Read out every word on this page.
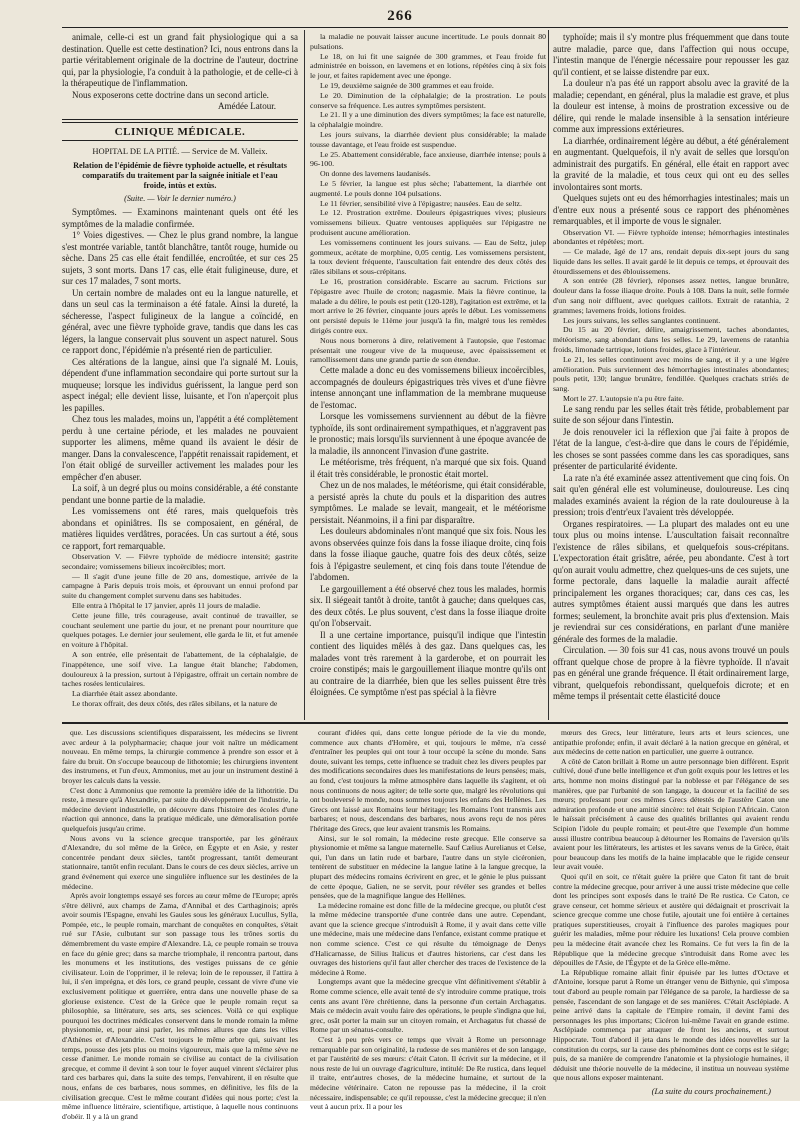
266

animale, celle-ci est un grand fait physiologique qui a sa destination. Quelle est cette destination? Ici, nous entrons dans la partie véritablement originale de la doctrine de l'auteur, doctrine qui, par la physiologie, l'a conduit à la pathologie, et de celle-ci à la thérapeutique de l'inflammation.

Nous exposerons cette doctrine dans un second article.

Amédée Latour.
CLINIQUE MÉDICALE.
HOPITAL DE LA PITIÉ. — Service de M. Valleix.
Relation de l'épidémie de fièvre typhoïde actuelle, et résultats comparatifs du traitement par la saignée initiale et l'eau froide, intùs et extùs.
(Suite. — Voir le dernier numéro.)

Symptômes. — Examinons maintenant quels ont été les symptômes de la maladie confirmée.

1° Voies digestives. — Chez le plus grand nombre, la langue s'est montrée variable, tantôt blanchâtre, tantôt rouge, humide ou sèche. Dans 25 cas elle était fendillée, encroûtée, et sur ces 25 sujets, 3 sont morts. Dans 17 cas, elle était fuligineuse, dure, et sur ces 17 malades, 7 sont morts.

Un certain nombre de malades ont eu la langue naturelle, et dans un seul cas la terminaison a été fatale. Ainsi la dureté, la sécheresse, l'aspect fuligineux de la langue a coïncidé, en général, avec une fièvre typhoïde grave, tandis que dans les cas légers, la langue conservait plus souvent un aspect naturel. Sous ce rapport donc, l'épidémie n'a présenté rien de particulier.

Ces altérations de la langue, ainsi que l'a signalé M. Louis, dépendent d'une inflammation secondaire qui porte surtout sur la muqueuse; lorsque les individus guérissent, la langue perd son aspect inégal; elle devient lisse, luisante, et l'on n'aperçoit plus les papilles.

Chez tous les malades, moins un, l'appétit a été complètement perdu à une certaine période, et les malades ne pouvaient supporter les alimens, même quand ils avaient le désir de manger. Dans la convalescence, l'appétit renaissait rapidement, et l'on était obligé de surveiller activement les malades pour les empêcher d'en abuser.

La soif, à un degré plus ou moins considérable, a été constante pendant une bonne partie de la maladie.

Les vomissemens ont été rares, mais quelquefois très abondans et opiniâtres. Ils se composaient, en général, de matières liquides verdâtres, poracées. Un cas surtout a été, sous ce rapport, fort remarquable.

Observation V. — Fièvre typhoïde de médiocre intensité; gastrite secondaire; vomissemens bilieux incoërcibles; mort.

— Il s'agit d'une jeune fille de 20 ans, domestique, arrivée de la campagne à Paris depuis trois mois, et éprouvant un ennui profond par suite du changement complet survenu dans ses habitudes.

Elle entra à l'hôpital le 17 janvier, après 11 jours de maladie.

Cette jeune fille, très courageuse, avait continué de travailler, se couchant seulement une partie du jour, et ne prenant pour nourriture que quelques potages. Le dernier jour seulement, elle garda le lit, et fut amenée en voiture à l'hôpital.

A son entrée, elle présentait de l'abattement, de la céphalalgie, de l'inappétence, une soif vive. La langue était blanche; l'abdomen, douloureux à la pression, surtout à l'épigastre, offrait un certain nombre de taches rosées lenticulaires.

La diarrhée était assez abondante.

Le thorax offrait, des deux côtés, des râles sibilans, et la nature de

la maladie ne pouvait laisser aucune incertitude. Le pouls donnait 80 pulsations.

Le 18, on lui fit une saignée de 300 grammes, et l'eau froide fut administrée en boisson, en lavemens et en lotions, répétées cinq à six fois le jour, et faites rapidement avec une éponge.

Le 19, deuxième saignée de 300 grammes et eau froide.

Le 20. Diminution de la céphalalgie; de la prostration. Le pouls conserve sa fréquence. Les autres symptômes persistent.

Le 21. Il y a une diminution des divers symptômes; la face est naturelle, la céphalalgie moindre.

Les jours suivans, la diarrhée devient plus considérable; la malade tousse davantage, et l'eau froide est suspendue.

Le 25. Abattement considérable, face anxieuse, diarrhée intense; pouls à 96-100.

On donne des lavemens laudanisés.

Le 5 février, la langue est plus sèche; l'abattement, la diarrhée ont augmenté. Le pouls donne 104 pulsations.

Le 11 février, sensibilité vive à l'épigastre; nausées. Eau de seltz.

Le 12. Prostration extrême. Douleurs épigastriques vives; plusieurs vomissemens bilieux. Quatre ventouses appliquées sur l'épigastre ne produisent aucune amélioration.

Les vomissemens continuent les jours suivans. — Eau de Seltz, julep gommeux, acétate de morphine, 0,05 centig. Les vomissemens persistent, la toux devient fréquente, l'auscultation fait entendre des deux côtés des râles sibilans et sous-crépitans.

Le 16, prostration considérable. Escarre au sacrum. Frictions sur l'épigastre avec l'huile de croton; nagasmie. Mais la fièvre continue, la malade a du délire, le pouls est petit (120-128), l'agitation est extrême, et la mort arrive le 26 février, cinquante jours après le début. Les vomissemens ont persisté depuis le 11ème jour jusqu'à la fin, malgré tous les remèdes dirigés contre eux.

Nous nous bornerons à dire, relativement à l'autopsie, que l'estomac présentait une rougeur vive de la muqueuse, avec épaississement et ramollissement dans une grande partie de son étendue.

Cette malade a donc eu des vomissemens bilieux incoërcibles, accompagnés de douleurs épigastriques très vives et d'une fièvre intense annonçant une inflammation de la membrane muqueuse de l'estomac.

Lorsque les vomissemens surviennent au début de la fièvre typhoïde, ils sont ordinairement sympathiques, et n'aggravent pas le pronostic; mais lorsqu'ils surviennent à une époque avancée de la maladie, ils annoncent l'invasion d'une gastrite.

Le météorisme, très fréquent, n'a marqué que six fois. Quand il était très considérable, le pronostic était mortel.

Chez un de nos malades, le météorisme, qui était considérable, a persisté après la chute du pouls et la disparition des autres symptômes. Le malade se levait, mangeait, et le météorisme persistait. Néanmoins, il a fini par disparaître.

Les douleurs abdominales n'ont manqué que six fois. Nous les avons observées quinze fois dans la fosse iliaque droite, cinq fois dans la fosse iliaque gauche, quatre fois des deux côtés, seize fois à l'épigastre seulement, et cinq fois dans toute l'étendue de l'abdomen.

Le gargouillement a été observé chez tous les malades, hormis six. Il siégeait tantôt à droite, tantôt à gauche; dans quelques cas, des deux côtés. Le plus souvent, c'est dans la fosse iliaque droite qu'on l'observait.

Il a une certaine importance, puisqu'il indique que l'intestin contient des liquides mêlés à des gaz. Dans quelques cas, les malades vont très rarement à la garderobe, et on pourrait les croire constipés; mais le gargouillement iliaque montre qu'ils ont au contraire de la diarrhée, bien que les selles puissent être très éloignées. Ce symptôme n'est pas spécial à la fièvre

typhoïde; mais il s'y montre plus fréquemment que dans toute autre maladie, parce que, dans l'affection qui nous occupe, l'intestin manque de l'énergie nécessaire pour repousser les gaz qu'il contient, et se laisse distendre par eux.

La douleur n'a pas été un rapport absolu avec la gravité de la maladie; cependant, en général, plus la maladie est grave, et plus la douleur est intense, à moins de prostration excessive ou de délire, qui rende le malade insensible à la sensation intérieure comme aux impressions extérieures.

La diarrhée, ordinairement légère au début, a été généralement en augmentant. Quelquefois, il n'y avait de selles que lorsqu'on administrait des purgatifs. En général, elle était en rapport avec la gravité de la maladie, et tous ceux qui ont eu des selles involontaires sont morts.

Quelques sujets ont eu des hémorrhagies intestinales; mais un d'entre eux nous a présenté sous ce rapport des phénomènes remarquables, et il importe de vous le signaler.

Observation VI. — Fièvre typhoïde intense; hémorrhagies intestinales abondantes et répétées; mort.

— Ce malade, âgé de 17 ans, rendait depuis dix-sept jours du sang liquide dans les selles. Il avait gardé le lit depuis ce temps, et éprouvait des étourdissemens et des éblouissemens.

A son entrée (28 février), réponses assez nettes, langue brunâtre, douleur dans la fosse iliaque droite. Pouls à 108. Dans la nuit, selle formée d'un sang noir diffluent, avec quelques caillots. Extrait de ratanhia, 2 grammes; lavemens froids, lotions froides.

Les jours suivans, les selles sanglantes continuent.

Du 15 au 20 février, délire, amaigrissement, taches abondantes, météorisme, sang abondant dans les selles. Le 29, lavemens de ratanhia froids, limonade tartrique, lotions froides, glace à l'intérieur.

Le 21, les selles continuent avec moins de sang, et il y a une légère amélioration. Puis surviennent des hémorrhagies intestinales abondantes; pouls petit, 130; langue brunâtre, fendillée. Quelques crachats striés de sang.

Mort le 27. L'autopsie n'a pu être faite.

Le sang rendu par les selles était très fétide, probablement par suite de son séjour dans l'intestin.

Je dois renouveler ici la réflexion que j'ai faite à propos de l'état de la langue, c'est-à-dire que dans le cours de l'épidémie, les choses se sont passées comme dans les cas sporadiques, sans présenter de particularité évidente.

La rate n'a été examinée assez attentivement que cinq fois. On sait qu'en général elle est volumineuse, douloureuse. Les cinq malades examinés avaient la région de la rate douloureuse à la pression; trois d'entr'eux l'avaient très développée.

Organes respiratoires. — La plupart des malades ont eu une toux plus ou moins intense. L'auscultation faisait reconnaître l'existence de râles sibilans, et quelquefois sous-crépitans. L'expectoration était grisâtre, aérée, peu abondante. C'est à tort qu'on aurait voulu admettre, chez quelques-uns de ces sujets, une forme pectorale, dans laquelle la maladie aurait affecté principalement les organes thoraciques; car, dans ces cas, les autres symptômes étaient aussi marqués que dans les autres formes; seulement, la bronchite avait pris plus d'extension. Mais je reviendrai sur ces considérations, en parlant d'une manière générale des formes de la maladie.

Circulation. — 30 fois sur 41 cas, nous avons trouvé un pouls offrant quelque chose de propre à la fièvre typhoïde. Il n'avait pas en général une grande fréquence. Il était ordinairement large, vibrant, quelquefois rebondissant, quelquefois dicrote; et en même temps il présentait cette élasticité douce

que. Les discussions scientifiques disparaissent, les médecins se livrent avec ardeur à la polypharmacie; chaque jour voit naître un médicament nouveau. En même temps, la chirurgie commence à prendre son essor et à faire du bruit. On s'occupe beaucoup de lithotomie; les chirurgiens inventent des instrumens, et l'un d'eux, Ammonius, met au jour un instrument destiné à broyer les calculs dans la vessie.

C'est donc à Ammonius que remonte la première idée de la lithotritie. Du reste, à mesure qu'à Alexandrie, par suite du développement de l'industrie, la médecine devient industrielle, on découvre dans l'histoire des écoles d'une réaction qui annonce, dans la pratique médicale, une démoralisation portée quelquefois jusqu'au crime.

Nous avons vu la science grecque transportée, par les généraux d'Alexandre, du sol même de la Grèce, en Égypte et en Asie, y rester concentrée pendant deux siècles, tantôt progressant, tantôt demeurant stationnaire, tantôt enfin reculant. Dans le cours de ces deux siècles, arrive un grand événement qui exerce une singulière influence sur les destinées de la médecine.

Après avoir longtemps essayé ses forces au cœur même de l'Europe; après s'être délivré, aux champs de Zama, d'Annibal et des Carthaginois; après avoir soumis l'Espagne, envahi les Gaules sous les généraux Lucullus, Sylla, Pompée, etc., le peuple romain, marchant de conquêtes en conquêtes, s'était rué sur l'Asie, culbutant sur son passage tous les trônes sortis du démembrement du vaste empire d'Alexandre. Là, ce peuple romain se trouva en face du génie grec; dans sa marche triomphale, il rencontra partout, dans les monumens et les institutions, des vestiges puissans de ce génie civilisateur. Loin de l'opprimer, il le releva; loin de le repousser, il l'attira à lui, il s'en imprégna, et dès lors, ce grand peuple, cessant de vivre d'une vie exclusivement politique et guerrière, entra dans une nouvelle phase de sa glorieuse existence. C'est de la Grèce que le peuple romain reçut sa philosophie, sa littérature, ses arts, ses sciences. Voilà ce qui explique pourquoi les doctrines médicales conservent dans le monde romain la même physionomie, et, pour ainsi parler, les mêmes allures que dans les villes d'Athènes et d'Alexandrie. C'est toujours le même arbre qui, suivant les temps, pousse des jets plus ou moins vigoureux, mais que la même sève ne cesse d'animer. Le monde romain se civilise au contact de la civilisation grecque, et comme il devint à son tour le foyer auquel vinrent s'éclairer plus tard ces barbares qui, dans la suite des temps, l'envahirent, il en résulte que nous, enfans de ces barbares, nous sommes, en définitive, les fils de la civilisation grecque. C'est le même courant d'idées qui nous porte; c'est la même influence littéraire, scientifique, artistique, à laquelle nous continuons d'obéir. Il y a là un grand

courant d'idées qui, dans cette longue période de la vie du monde, commence aux chants d'Homère, et qui, toujours le même, n'a cessé d'entraîner les peuples qui ont tour à tour occupé la scène du monde. Sans doute, suivant les temps, cette influence se traduit chez les divers peuples par des modifications secondaires dues les manifestations de leurs pensées; mais, au fond, c'est toujours la même atmosphère dans laquelle ils s'agitent, et où nous continuons de nous agiter; de telle sorte que, malgré les révolutions qui ont bouleversé le monde, nous sommes toujours les enfans des Hellènes. Les Grecs ont laissé aux Romains leur héritage; les Romains l'ont transmis aux barbares; et nous, descendans des barbares, nous avons reçu de nos pères l'héritage des Grecs, que leur avaient transmis les Romains.

Ainsi, sur le sol romain, la médecine reste grecque. Elle conserve sa physionomie et même sa langue maternelle. Sauf Cælius Aurelianus et Celse, qui, l'un dans un latin rude et barbare, l'autre dans un style cicéronien, tentèrent de substituer en médecine la langue latine à la langue grecque, la plupart des médecins romains écrivirent en grec, et le génie le plus puissant de cette époque, Galien, ne se servit, pour révéler ses grandes et belles pensées, que de la magnifique langue des Hellènes.

La médecine romaine est donc fille de la médecine grecque, ou plutôt c'est la même médecine transportée d'une contrée dans une autre. Cependant, avant que la science grecque s'introduisît à Rome, il y avait dans cette ville une médecine, mais une médecine dans l'enfance, existant comme pratique et non comme science. C'est ce qui résulte du témoignage de Denys d'Halicarnasse, de Silius Italicus et d'autres historiens, car c'est dans les ouvrages des historiens qu'il faut aller chercher des traces de l'existence de la médecine à Rome.

Longtemps avant que la médecine grecque vînt définitivement s'établir à Rome comme science, elle avait tenté de s'y introduire comme pratique, trois cents ans avant l'ère chrétienne, dans la personne d'un certain Archagatus. Mais ce médecin avait voulu faire des opérations, le peuple s'indigna que lui, grec, osât porter la main sur un citoyen romain, et Archagatus fut chassé de Rome par un sénatus-consulte.

C'est à peu près vers ce temps que vivait à Rome un personnage remarquable par son originalité, la rudesse de ses manières et de son langage, et par l'austérité de ses mœurs: c'était Caton. Il écrivit sur la médecine, et il nous reste de lui un ouvrage d'agriculture, intitulé: De Re rustica, dans lequel il traite, entr'autres choses, de la médecine humaine, et surtout de la médecine vétérinaire. Caton ne repousse pas la médecine, il la croit nécessaire, indispensable; ce qu'il repousse, c'est la médecine grecque; il n'en veut à aucun prix. Il a pour les

mœurs des Grecs, leur littérature, leurs arts et leurs sciences, une antipathie profonde; enfin, il avait déclaré à la nation grecque en général, et aux médecins de cette nation en particulier, une guerre à outrance.

A côté de Caton brillait à Rome un autre personnage bien différent. Esprit cultivé, doué d'une belle intelligence et d'un goût exquis pour les lettres et les arts, homme non moins distingué par la noblesse et par l'élégance de ses manières, que par l'urbanité de son langage, la douceur et la facilité de ses mœurs; professant pour ces mêmes Grecs détestés de l'austère Caton une admiration profonde et une amitié sincère: tel était Scipion l'Africain. Caton le haïssait précisément à cause des qualités brillantes qui avaient rendu Scipion l'idole du peuple romain; et peut-être que l'exemple d'un homme aussi illustre contribua beaucoup à détourner les Romains de l'aversion qu'ils avaient pour les littérateurs, les artistes et les savans venus de la Grèce, était pour beaucoup dans les motifs de la haine implacable que le rigide censeur leur avait vouée.

Quoi qu'il en soit, ce n'était guère la prière que Caton fit tant de bruit contre la médecine grecque, pour arriver à une aussi triste médecine que celle dont les principes sont exposés dans le traité De Re rustica. Ce Caton, ce grave censeur, cet homme sérieux et austère qui dédaignait et proscrivait la science grecque comme une chose futile, ajoutait une foi entière à certaines pratiques superstitieuses, croyait à l'influence des paroles magiques pour guérir les maladies, même pour réduire les luxations! Cela prouve combien peu la médecine était avancée chez les Romains. Ce fut vers la fin de la République que la médecine grecque s'introduisit dans Rome avec les dépouilles de l'Asie, de l'Égypte et de la Grèce elle-même.

La République romaine allait finir épuisée par les luttes d'Octave et d'Antoine, lorsque parut à Rome un étranger venu de Bithynie, qui s'imposa tout d'abord au peuple romain par l'élégance de sa parole, la hardiesse de sa pensée, l'ascendant de son langage et de ses manières. C'était Asclépiade. A peine arrivé dans la capitale de l'Empire romain, il devint l'ami des personnages les plus importans; Cicéron lui-même l'avait en grande estime. Asclépiade commença par attaquer de front les anciens, et surtout Hippocrate. Tout d'abord il jeta dans le monde des idées nouvelles sur la constitution du corps, sur la cause des phénomènes dont ce corps est le siége; puis, de sa manière de comprendre l'anatomie et la physiologie humaines, il déduisit une théorie nouvelle de la médecine, il institua un nouveau système que nous allons exposer maintenant.

(La suite du cours prochainement.)
